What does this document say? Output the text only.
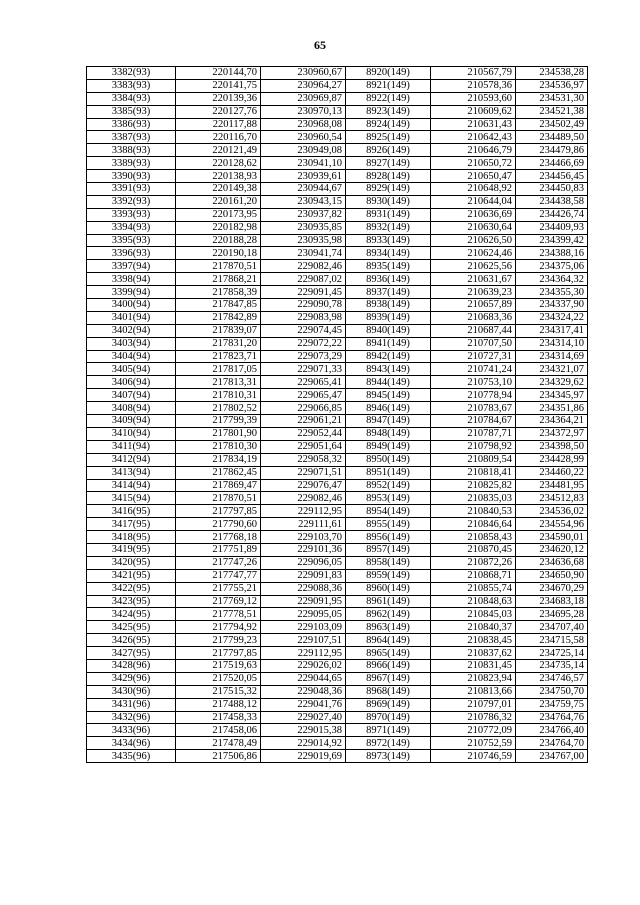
65
3382(93)	220144,70	230960,67	8920(149)	210567,79	234538,28
3383(93)	220141,75	230964,27	8921(149)	210578,36	234536,97
3384(93)	220139,36	230969,87	8922(149)	210593,60	234531,30
3385(93)	220127,76	230970,13	8923(149)	210609,62	234521,38
3386(93)	220117,88	230968,08	8924(149)	210631,43	234502,49
3387(93)	220116,70	230960,54	8925(149)	210642,43	234489,50
3388(93)	220121,49	230949,08	8926(149)	210646,79	234479,86
3389(93)	220128,62	230941,10	8927(149)	210650,72	234466,69
3390(93)	220138,93	230939,61	8928(149)	210650,47	234456,45
3391(93)	220149,38	230944,67	8929(149)	210648,92	234450,83
3392(93)	220161,20	230943,15	8930(149)	210644,04	234438,58
3393(93)	220173,95	230937,82	8931(149)	210636,69	234426,74
3394(93)	220182,98	230935,85	8932(149)	210630,64	234409,93
3395(93)	220188,28	230935,98	8933(149)	210626,50	234399,42
3396(93)	220190,18	230941,74	8934(149)	210624,46	234388,16
3397(94)	217870,51	229082,46	8935(149)	210625,56	234375,06
3398(94)	217868,21	229087,02	8936(149)	210631,67	234364,32
3399(94)	217858,39	229091,45	8937(149)	210639,23	234355,30
3400(94)	217847,85	229090,78	8938(149)	210657,89	234337,90
3401(94)	217842,89	229083,98	8939(149)	210683,36	234324,22
3402(94)	217839,07	229074,45	8940(149)	210687,44	234317,41
3403(94)	217831,20	229072,22	8941(149)	210707,50	234314,10
3404(94)	217823,71	229073,29	8942(149)	210727,31	234314,69
3405(94)	217817,05	229071,33	8943(149)	210741,24	234321,07
3406(94)	217813,31	229065,41	8944(149)	210753,10	234329,62
3407(94)	217810,31	229065,47	8945(149)	210778,94	234345,97
3408(94)	217802,52	229066,85	8946(149)	210783,67	234351,86
3409(94)	217799,39	229061,21	8947(149)	210784,67	234364,21
3410(94)	217801,90	229052,44	8948(149)	210787,71	234372,97
3411(94)	217810,30	229051,64	8949(149)	210798,92	234398,50
3412(94)	217834,19	229058,32	8950(149)	210809,54	234428,99
3413(94)	217862,45	229071,51	8951(149)	210818,41	234460,22
3414(94)	217869,47	229076,47	8952(149)	210825,82	234481,95
3415(94)	217870,51	229082,46	8953(149)	210835,03	234512,83
3416(95)	217797,85	229112,95	8954(149)	210840,53	234536,02
3417(95)	217790,60	229111,61	8955(149)	210846,64	234554,96
3418(95)	217768,18	229103,70	8956(149)	210858,43	234590,01
3419(95)	217751,89	229101,36	8957(149)	210870,45	234620,12
3420(95)	217747,26	229096,05	8958(149)	210872,26	234636,68
3421(95)	217747,77	229091,83	8959(149)	210868,71	234650,90
3422(95)	217755,21	229088,36	8960(149)	210855,74	234670,29
3423(95)	217769,12	229091,95	8961(149)	210848,63	234683,18
3424(95)	217778,51	229095,05	8962(149)	210845,03	234695,28
3425(95)	217794,92	229103,09	8963(149)	210840,37	234707,40
3426(95)	217799,23	229107,51	8964(149)	210838,45	234715,58
3427(95)	217797,85	229112,95	8965(149)	210837,62	234725,14
3428(96)	217519,63	229026,02	8966(149)	210831,45	234735,14
3429(96)	217520,05	229044,65	8967(149)	210823,94	234746,57
3430(96)	217515,32	229048,36	8968(149)	210813,66	234750,70
3431(96)	217488,12	229041,76	8969(149)	210797,01	234759,75
3432(96)	217458,33	229027,40	8970(149)	210786,32	234764,76
3433(96)	217458,06	229015,38	8971(149)	210772,09	234766,40
3434(96)	217478,49	229014,92	8972(149)	210752,59	234764,70
3435(96)	217506,86	229019,69	8973(149)	210746,59	234767,00
